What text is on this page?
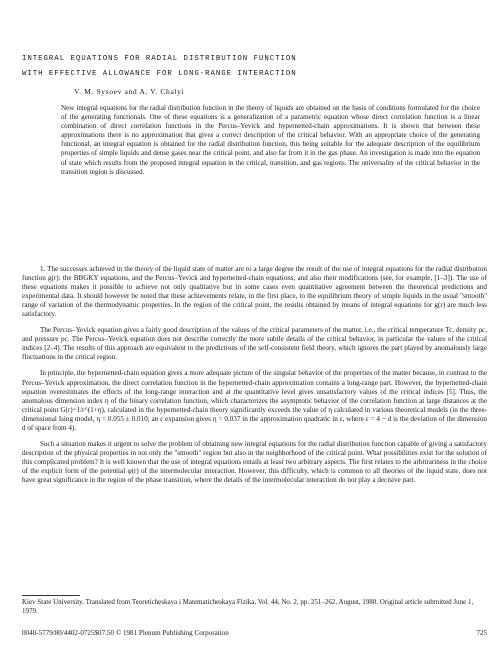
INTEGRAL EQUATIONS FOR RADIAL DISTRIBUTION FUNCTION
WITH EFFECTIVE ALLOWANCE FOR LONG-RANGE INTERACTION
V. M. Sysoev and A. V. Chalyi
New integral equations for the radial distribution function in the theory of liquids are obtained on the basis of conditions formulated for the choice of the generating functionals. One of these equations is a generalization of a parametric equation whose direct correlation function is a linear combination of direct correlation functions in the Percus–Yevick and hypernetted-chain approximations. It is shown that between these approximations there is no approximation that gives a correct description of the critical behavior. With an appropriate choice of the generating functional, an integral equation is obtained for the radial distribution function, this being suitable for the adequate description of the equilibrium properties of simple liquids and dense gases near the critical point, and also far from it in the gas phase. An investigation is made into the equation of state which results from the proposed integral equation in the critical, transition, and gas regions. The universality of the critical behavior in the transition region is discussed.

1. The successes achieved in the theory of the liquid state of matter are to a large degree the result of the use of integral equations for the radial distribution function g(r): the BBGKY equations, and the Percus–Yevick and hypernetted-chain equations, and also their modifications (see, for example, [1–3]). The use of these equations makes it possible to achieve not only qualitative but in some cases even quantitative agreement between the theoretical predictions and experimental data. It should however be noted that these achievements relate, in the first place, to the equilibrium theory of simple liquids in the usual "smooth" range of variation of the thermodynamic properties. In the region of the critical point, the results obtained by means of integral equations for g(r) are much less satisfactory.

The Percus–Yevick equation gives a fairly good description of the values of the critical parameters of the matter, i.e., the critical temperature Tc, density ρc, and pressure pc. The Percus–Yevick equation does not describe correctly the more subtle details of the critical behavior, in particular the values of the critical indices [2–4]. The results of this approach are equivalent to the predictions of the self-consistent field theory, which ignores the part played by anomalously large fluctuations in the critical region.

In principle, the hypernetted-chain equation gives a more adequate picture of the singular behavior of the properties of the matter because, in contrast to the Percus–Yevick approximation, the direct correlation function in the hypernetted-chain approximation contains a long-range part. However, the hypernetted-chain equation overestimates the effects of the long-range interaction and at the quantitative level gives unsatisfactory values of the critical indices [5]. Thus, the anomalous dimension index η of the binary correlation function, which characterizes the asymptotic behavior of the correlation function at large distances at the critical point G(r)~1/r^(1+η), calculated in the hypernetted-chain theory significantly exceeds the value of η calculated in various theoretical models (in the three-dimensional Ising model, η = 0.055 ± 0.010; an ε expansion gives η = 0.037 in the approximation quadratic in ε, where ε = 4 − d is the deviation of the dimension d of space from 4).

Such a situation makes it urgent to solve the problem of obtaining new integral equations for the radial distribution function capable of giving a satisfactory description of the physical properties in not only the "smooth" region but also in the neighborhood of the critical point. What possibilities exist for the solution of this complicated problem? It is well known that the use of integral equations entails at least two arbitrary aspects. The first relates to the arbitrariness in the choice of the explicit form of the potential φ(r) of the intermolecular interaction. However, this difficulty, which is common to all theories of the liquid state, does not have great significance in the region of the phase transition, where the details of the intermolecular interaction do not play a decisive part.

Kiev State University. Translated from Teoreticheskaya i Matematicheskaya Fizika, Vol. 44, No. 2, pp. 251–262, August, 1980. Original article submitted June 1, 1979.
0040-5779/80/4402-0725$07.50 © 1981 Plenum Publishing Corporation	725
